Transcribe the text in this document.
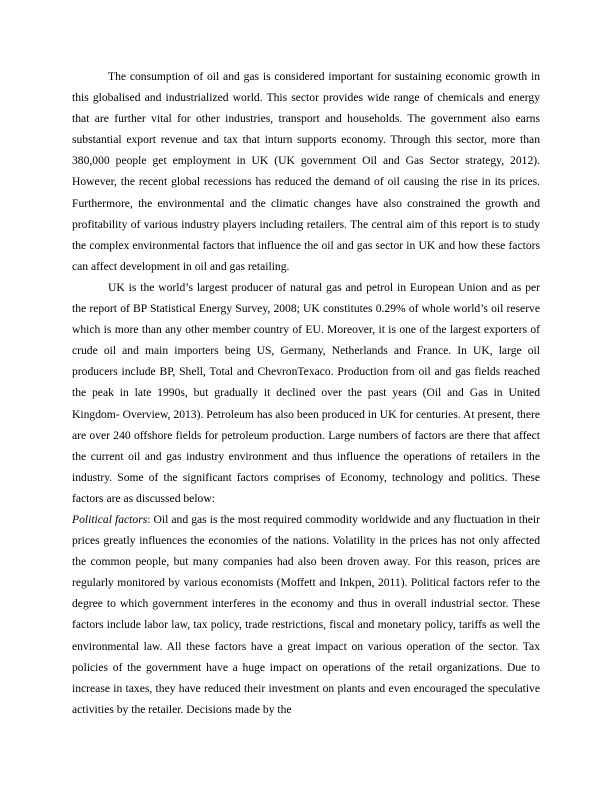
The consumption of oil and gas is considered important for sustaining economic growth in this globalised and industrialized world. This sector provides wide range of chemicals and energy that are further vital for other industries, transport and households. The government also earns substantial export revenue and tax that inturn supports economy. Through this sector, more than 380,000 people get employment in UK (UK government Oil and Gas Sector strategy, 2012). However, the recent global recessions has reduced the demand of oil causing the rise in its prices. Furthermore, the environmental and the climatic changes have also constrained the growth and profitability of various industry players including retailers. The central aim of this report is to study the complex environmental factors that influence the oil and gas sector in UK and how these factors can affect development in oil and gas retailing.

UK is the world’s largest producer of natural gas and petrol in European Union and as per the report of BP Statistical Energy Survey, 2008; UK constitutes 0.29% of whole world’s oil reserve which is more than any other member country of EU. Moreover, it is one of the largest exporters of crude oil and main importers being US, Germany, Netherlands and France. In UK, large oil producers include BP, Shell, Total and ChevronTexaco. Production from oil and gas fields reached the peak in late 1990s, but gradually it declined over the past years (Oil and Gas in United Kingdom- Overview, 2013). Petroleum has also been produced in UK for centuries. At present, there are over 240 offshore fields for petroleum production. Large numbers of factors are there that affect the current oil and gas industry environment and thus influence the operations of retailers in the industry. Some of the significant factors comprises of Economy, technology and politics. These factors are as discussed below:

Political factors: Oil and gas is the most required commodity worldwide and any fluctuation in their prices greatly influences the economies of the nations. Volatility in the prices has not only affected the common people, but many companies had also been droven away. For this reason, prices are regularly monitored by various economists (Moffett and Inkpen, 2011). Political factors refer to the degree to which government interferes in the economy and thus in overall industrial sector. These factors include labor law, tax policy, trade restrictions, fiscal and monetary policy, tariffs as well the environmental law. All these factors have a great impact on various operation of the sector. Tax policies of the government have a huge impact on operations of the retail organizations. Due to increase in taxes, they have reduced their investment on plants and even encouraged the speculative activities by the retailer. Decisions made by the
